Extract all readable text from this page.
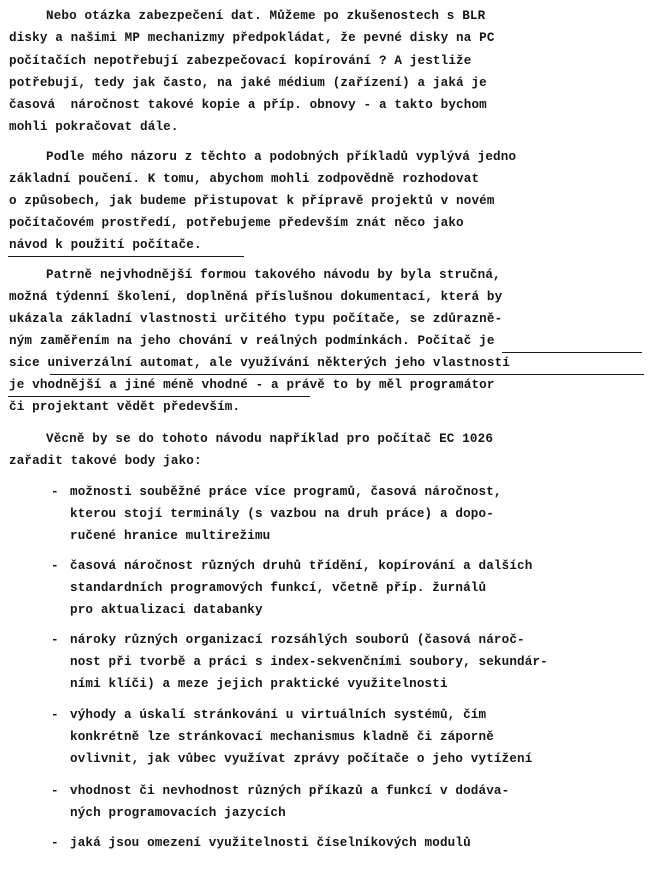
Nebo otázka zabezpečení dat. Můžeme po zkušenostech s BLR
disky a našimi MP mechanizmy předpokládat, že pevné disky na PC
počítačích nepotřebují zabezpečovací kopírování ? A jestliže
potřebují, tedy jak často, na jaké médium (zařízení) a jaká je
časová  náročnost takové kopie a příp. obnovy - a takto bychom
mohli pokračovat dále.
Podle mého názoru z těchto a podobných příkladů vyplývá jedno
základní poučení. K tomu, abychom mohli zodpovědně rozhodovat
o způsobech, jak budeme přistupovat k přípravě projektů v novém
počítačovém prostředí, potřebujeme především znát něco jako
návod k použití počítače.
Patrně nejvhodnější formou takového návodu by byla stručná,
možná týdenní školení, doplněná příslušnou dokumentací, která by
ukázala základní vlastnosti určitého typu počítače, se zdůrazně-
ným zaměřením na jeho chování v reálných podmínkách. Počítač je
sice univerzální automat, ale využívání některých jeho vlastností
je vhodnější a jiné méně vhodné - a právě to by měl programátor
či projektant vědět především.
Věcně by se do tohoto návodu například pro počítač EC 1026
zařadit takové body jako:
- možnosti souběžné práce více programů, časová náročnost,
kterou stojí terminály (s vazbou na druh práce) a dopo-
ručené hranice multirežimu
- časová náročnost různých druhů třídění, kopírování a dalších
standardních programových funkcí, včetně příp. žurnálů
pro aktualizaci databanky
- nároky různých organizací rozsáhlých souborů (časová nároč-
nost při tvorbě a práci s index-sekvenčními soubory, sekundár-
ními klíči) a meze jejich praktické využitelnosti
- výhody a úskalí stránkování u virtuálních systémů, čím
konkrétně lze stránkovací mechanismus kladně či záporně
ovlivnit, jak vůbec využívat zprávy počítače o jeho vytížení
- vhodnost či nevhodnost různých příkazů a funkcí v dodáva-
ných programovacích jazycích
- jaká jsou omezení využitelnosti číselníkových modulů
